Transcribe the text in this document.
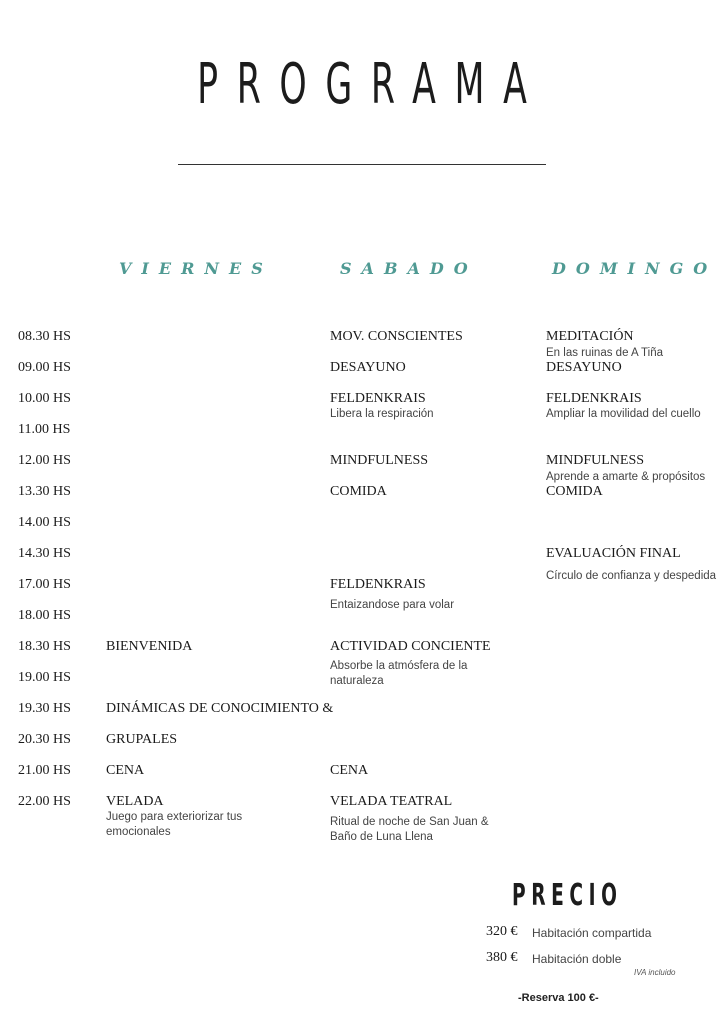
PROGRAMA
VIERNES	SABADO	DOMINGO
08.30 HS
09.00 HS
10.00 HS
11.00 HS
12.00 HS
13.30 HS
14.00 HS
14.30 HS
17.00 HS
18.00 HS
18.30 HS
19.00 HS
19.30 HS
20.30 HS
21.00 HS
22.00 HS
BIENVENIDA
DINÁMICAS DE CONOCIMIENTO &
GRUPALES
CENA
VELADA
Juego para exteriorizar tus
emocionales
MOV. CONSCIENTES
DESAYUNO
FELDENKRAIS
Libera la respiración
MINDFULNESS
COMIDA
FELDENKRAIS
Entaizandose para volar
ACTIVIDAD CONCIENTE
Absorbe la atmósfera de la
naturaleza
CENA
VELADA TEATRAL
Ritual de noche de San Juan &
Baño de Luna Llena
MEDITACIÓN
En las ruinas de A Tiña
DESAYUNO
FELDENKRAIS
Ampliar la movilidad del cuello
MINDFULNESS
Aprende a amarte & propósitos
COMIDA
EVALUACIÓN FINAL
Círculo de confianza y despedida
PRECIO
320 € Habitación compartida
380 € Habitación doble
IVA incluido
-Reserva 100 €-
